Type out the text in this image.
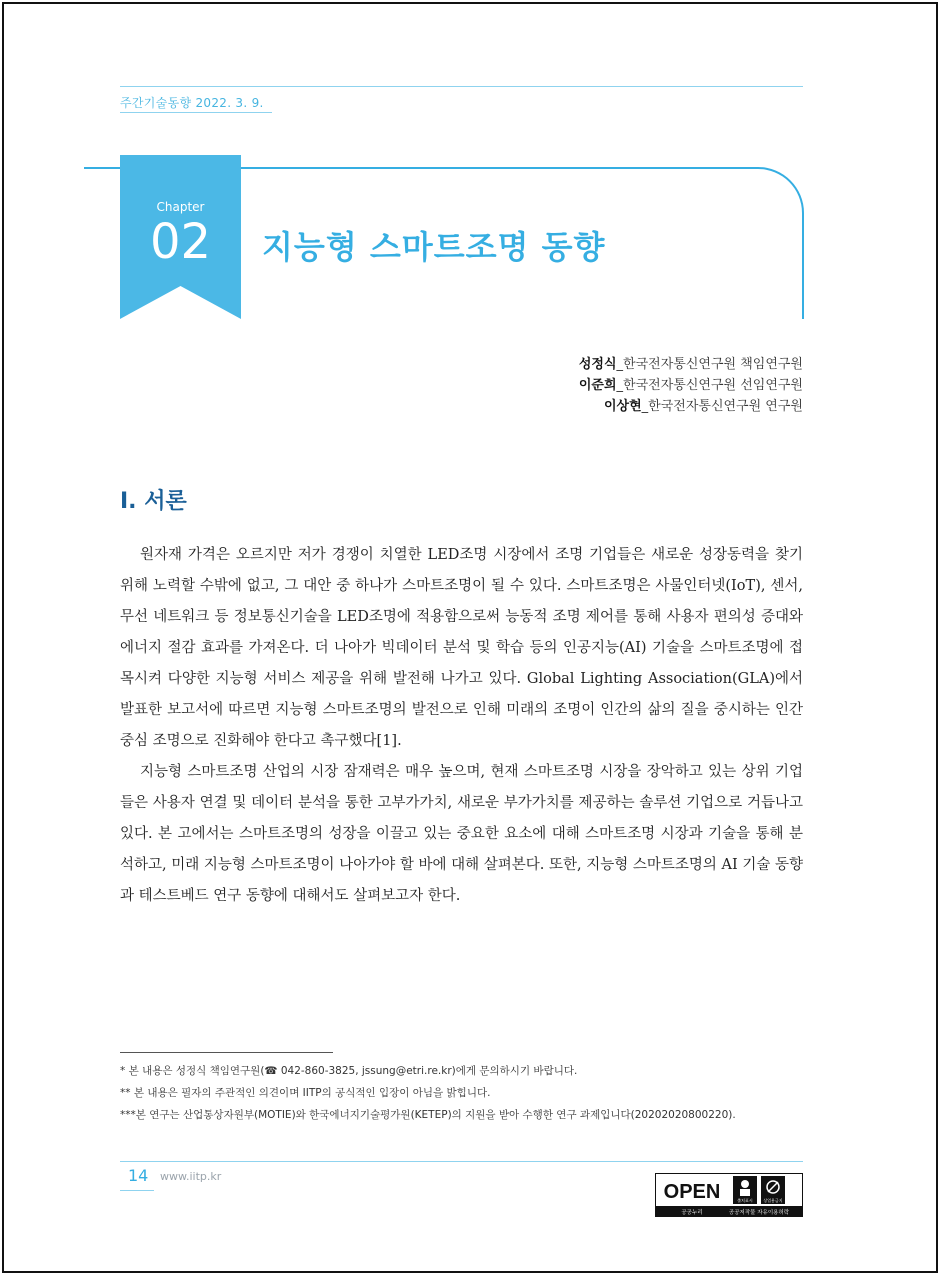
주간기술동향 2022. 3. 9.
Chapter
02	지능형 스마트조명 동향
성정식_한국전자통신연구원 책임연구원
이준희_한국전자통신연구원 선임연구원
이상현_한국전자통신연구원 연구원
I. 서론

원자재 가격은 오르지만 저가 경쟁이 치열한 LED조명 시장에서 조명 기업들은 새로운 성장동력을 찾기 위해 노력할 수밖에 없고, 그 대안 중 하나가 스마트조명이 될 수 있다. 스마트조명은 사물인터넷(IoT), 센서, 무선 네트워크 등 정보통신기술을 LED조명에 적용함으로써 능동적 조명 제어를 통해 사용자 편의성 증대와 에너지 절감 효과를 가져온다. 더 나아가 빅데이터 분석 및 학습 등의 인공지능(AI) 기술을 스마트조명에 접목시켜 다양한 지능형 서비스 제공을 위해 발전해 나가고 있다. Global Lighting Association(GLA)에서 발표한 보고서에 따르면 지능형 스마트조명의 발전으로 인해 미래의 조명이 인간의 삶의 질을 중시하는 인간 중심 조명으로 진화해야 한다고 촉구했다[1].

지능형 스마트조명 산업의 시장 잠재력은 매우 높으며, 현재 스마트조명 시장을 장악하고 있는 상위 기업들은 사용자 연결 및 데이터 분석을 통한 고부가가치, 새로운 부가가치를 제공하는 솔루션 기업으로 거듭나고 있다. 본 고에서는 스마트조명의 성장을 이끌고 있는 중요한 요소에 대해 스마트조명 시장과 기술을 통해 분석하고, 미래 지능형 스마트조명이 나아가야 할 바에 대해 살펴본다. 또한, 지능형 스마트조명의 AI 기술 동향과 테스트베드 연구 동향에 대해서도 살펴보고자 한다.

* 본 내용은 성정식 책임연구원(☎ 042-860-3825, jssung@etri.re.kr)에게 문의하시기 바랍니다.
** 본 내용은 필자의 주관적인 의견이며 IITP의 공식적인 입장이 아님을 밝힙니다.
***본 연구는 산업통상자원부(MOTIE)와 한국에너지기술평가원(KETEP)의 지원을 받아 수행한 연구 과제입니다(20202020800220).
14 www.iitp.kr
OPEN	출처표시	상업용금지
공공누리	공공저작물 자유이용허락
